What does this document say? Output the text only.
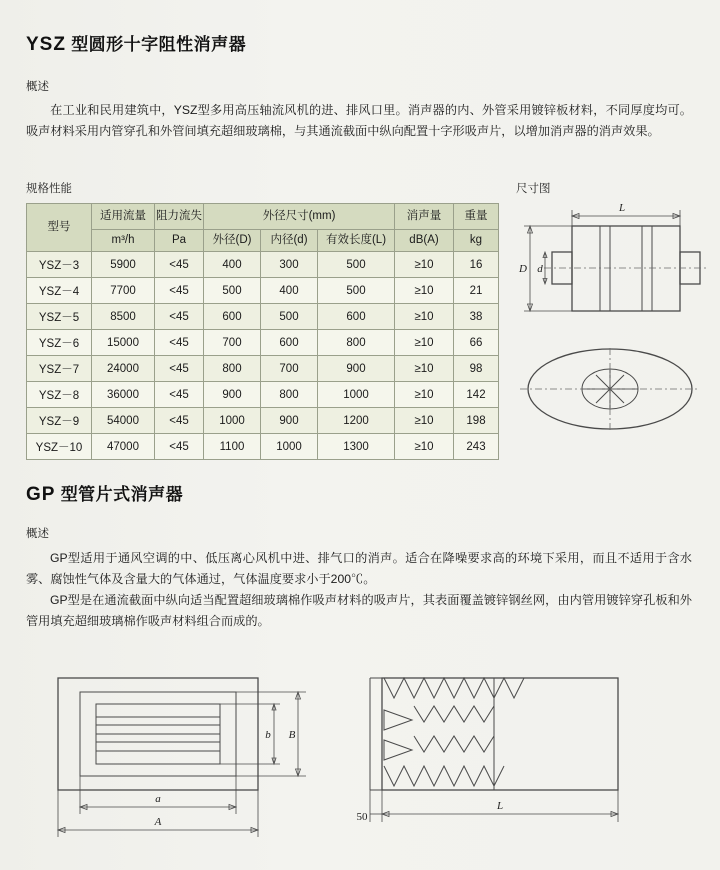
YSZ 型圆形十字阻性消声器
概述
在工业和民用建筑中，YSZ型多用高压轴流风机的进、排风口里。消声器的内、外管采用镀锌板材料，不同厚度均可。吸声材料采用内管穿孔和外管间填充超细玻璃棉，与其通流截面中纵向配置十字形吸声片，以增加消声器的消声效果。
规格性能	尺寸图
型号	适用流量	阻力流失	外径尺寸(mm)			消声量	重量
	m³/h	Pa	外径(D)	内径(d)	有效长度(L)	dB(A)	kg
YSZ－3	5900	<45	400	300	500	≥10	16
YSZ－4	7700	<45	500	400	500	≥10	21
YSZ－5	8500	<45	600	500	600	≥10	38
YSZ－6	15000	<45	700	600	800	≥10	66
YSZ－7	24000	<45	800	700	900	≥10	98
YSZ－8	36000	<45	900	800	1000	≥10	142
YSZ－9	54000	<45	1000	900	1200	≥10	198
YSZ－10	47000	<45	1100	1000	1300	≥10	243
L
D d
GP 型管片式消声器
概述
GP型适用于通风空调的中、低压离心风机中进、排气口的消声。适合在降噪要求高的环境下采用，而且不适用于含水雾、腐蚀性气体及含量大的气体通过，气体温度要求小于200℃。
GP型是在通流截面中纵向适当配置超细玻璃棉作吸声材料的吸声片，其表面覆盖镀锌钢丝网，由内管用镀锌穿孔板和外管用填充超细玻璃棉作吸声材料组合而成的。
b B
a
A	50
L
